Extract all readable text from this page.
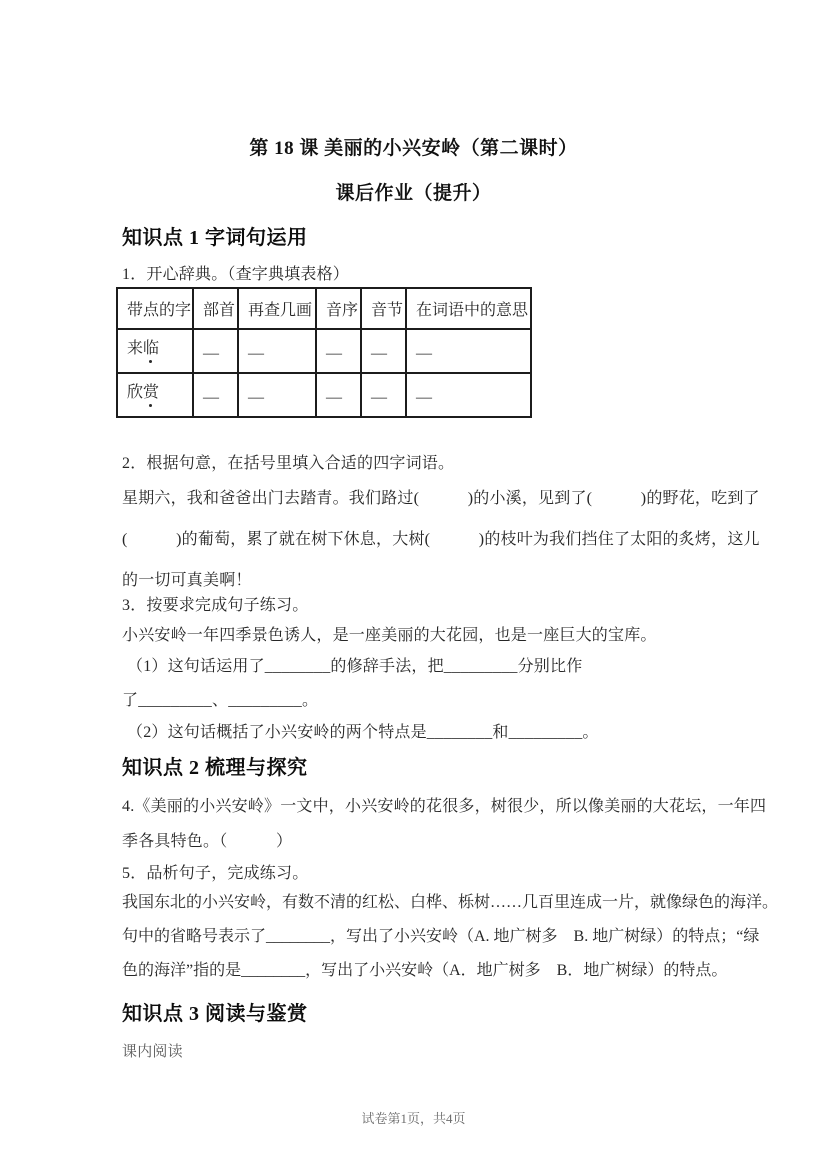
第 18 课 美丽的小兴安岭（第二课时）
课后作业（提升）
知识点 1 字词句运用
1．开心辞典。（查字典填表格）
带点的字	部首	再查几画	音序	音节	在词语中的意思
来临	—	—	—	—	—
欣赏	—	—	—	—	—
2．根据句意，在括号里填入合适的四字词语。
星期六，我和爸爸出门去踏青。我们路过(　　　)的小溪，见到了(　　　)的野花，吃到了
(　　　)的葡萄，累了就在树下休息，大树(　　　)的枝叶为我们挡住了太阳的炙烤，这儿
的一切可真美啊！
3．按要求完成句子练习。
小兴安岭一年四季景色诱人，是一座美丽的大花园，也是一座巨大的宝库。
（1）这句话运用了________的修辞手法，把_________分别比作
了_________、_________。
（2）这句话概括了小兴安岭的两个特点是________和_________。
知识点 2 梳理与探究
4.《美丽的小兴安岭》一文中，小兴安岭的花很多，树很少，所以像美丽的大花坛，一年四
季各具特色。（　　　）
5．品析句子，完成练习。
我国东北的小兴安岭，有数不清的红松、白桦、栎树……几百里连成一片，就像绿色的海洋。
句中的省略号表示了________，写出了小兴安岭（A. 地广树多　B. 地广树绿）的特点；“绿
色的海洋”指的是________，写出了小兴安岭（A．地广树多　B．地广树绿）的特点。
知识点 3 阅读与鉴赏
课内阅读
试卷第1页，共4页
